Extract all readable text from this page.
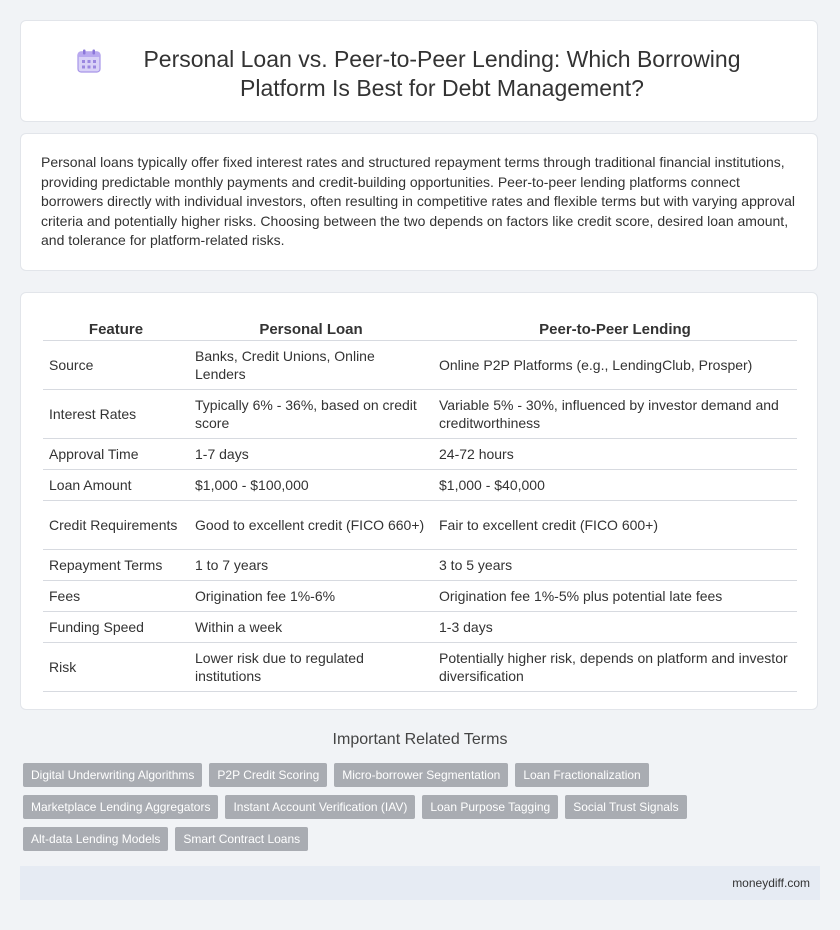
Personal Loan vs. Peer-to-Peer Lending: Which Borrowing Platform Is Best for Debt Management?

Personal loans typically offer fixed interest rates and structured repayment terms through traditional financial institutions, providing predictable monthly payments and credit-building opportunities. Peer-to-peer lending platforms connect borrowers directly with individual investors, often resulting in competitive rates and flexible terms but with varying approval criteria and potentially higher risks. Choosing between the two depends on factors like credit score, desired loan amount, and tolerance for platform-related risks.

Feature	Personal Loan	Peer-to-Peer Lending
Source	Banks, Credit Unions, Online Lenders	Online P2P Platforms (e.g., LendingClub, Prosper)
Interest Rates	Typically 6% - 36%, based on credit score	Variable 5% - 30%, influenced by investor demand and creditworthiness
Approval Time	1-7 days	24-72 hours
Loan Amount	$1,000 - $100,000	$1,000 - $40,000
Credit Requirements	Good to excellent credit (FICO 660+)	Fair to excellent credit (FICO 600+)
Repayment Terms	1 to 7 years	3 to 5 years
Fees	Origination fee 1%-6%	Origination fee 1%-5% plus potential late fees
Funding Speed	Within a week	1-3 days
Risk	Lower risk due to regulated institutions	Potentially higher risk, depends on platform and investor diversification
Important Related Terms
Digital Underwriting Algorithms	P2P Credit Scoring	Micro-borrower Segmentation	Loan Fractionalization
Marketplace Lending Aggregators	Instant Account Verification (IAV)	Loan Purpose Tagging	Social Trust Signals
Alt-data Lending Models	Smart Contract Loans
moneydiff.com
